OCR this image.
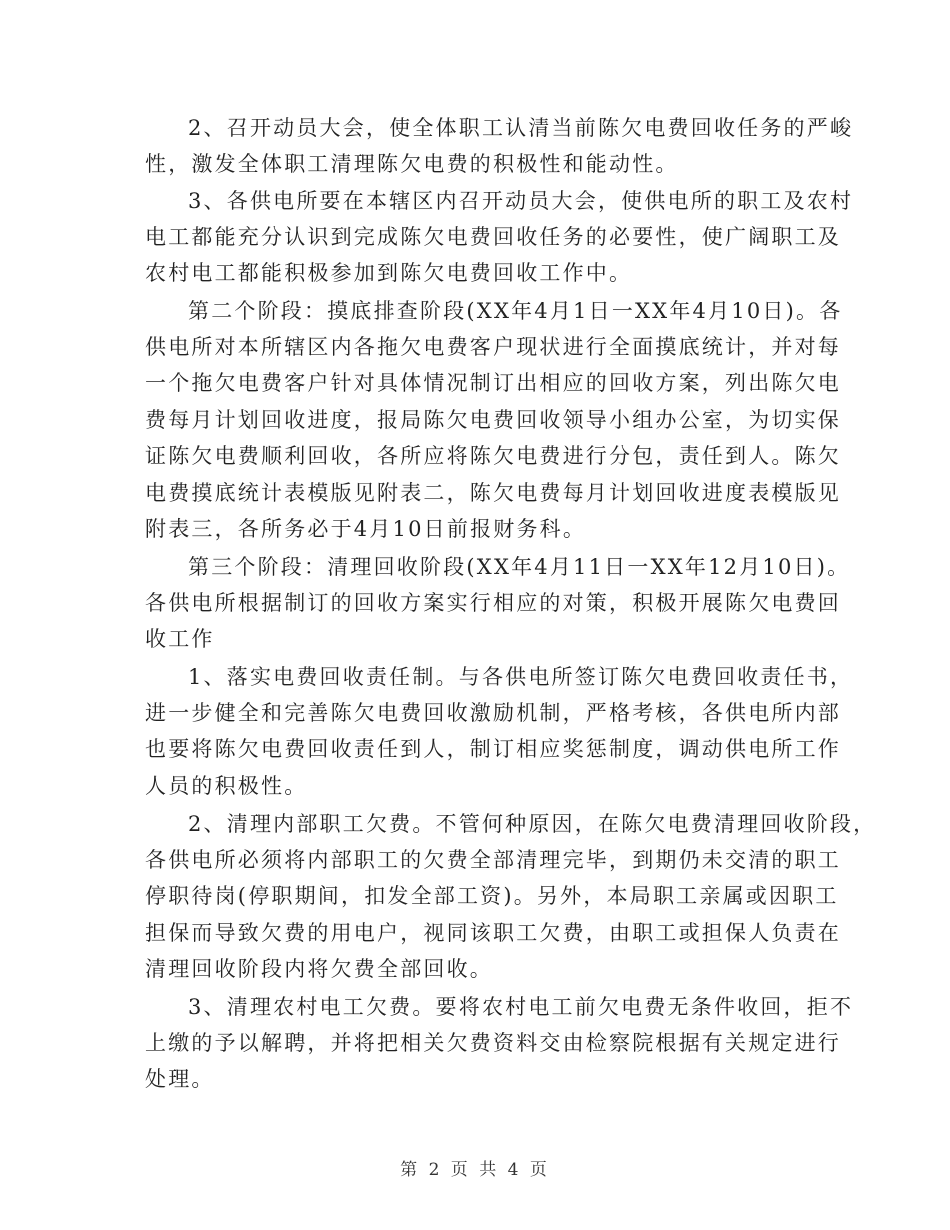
2、召开动员大会，使全体职工认清当前陈欠电费回收任务的严峻
性，激发全体职工清理陈欠电费的积极性和能动性。
3、各供电所要在本辖区内召开动员大会，使供电所的职工及农村
电工都能充分认识到完成陈欠电费回收任务的必要性，使广阔职工及
农村电工都能积极参加到陈欠电费回收工作中。
第二个阶段：摸底排查阶段(XX年4月1日一XX年4月10日)。各
供电所对本所辖区内各拖欠电费客户现状进行全面摸底统计，并对每
一个拖欠电费客户针对具体情况制订出相应的回收方案，列出陈欠电
费每月计划回收进度，报局陈欠电费回收领导小组办公室，为切实保
证陈欠电费顺利回收，各所应将陈欠电费进行分包，责任到人。陈欠
电费摸底统计表模版见附表二，陈欠电费每月计划回收进度表模版见
附表三，各所务必于4月10日前报财务科。
第三个阶段：清理回收阶段(XX年4月11日一XX年12月10日)。
各供电所根据制订的回收方案实行相应的对策，积极开展陈欠电费回
收工作
1、落实电费回收责任制。与各供电所签订陈欠电费回收责任书，
进一步健全和完善陈欠电费回收激励机制，严格考核，各供电所内部
也要将陈欠电费回收责任到人，制订相应奖惩制度，调动供电所工作
人员的积极性。
2、清理内部职工欠费。不管何种原因，在陈欠电费清理回收阶段，
各供电所必须将内部职工的欠费全部清理完毕，到期仍未交清的职工
停职待岗(停职期间，扣发全部工资)。另外，本局职工亲属或因职工
担保而导致欠费的用电户，视同该职工欠费，由职工或担保人负责在
清理回收阶段内将欠费全部回收。
3、清理农村电工欠费。要将农村电工前欠电费无条件收回，拒不
上缴的予以解聘，并将把相关欠费资料交由检察院根据有关规定进行
处理。
第 2 页 共 4 页
